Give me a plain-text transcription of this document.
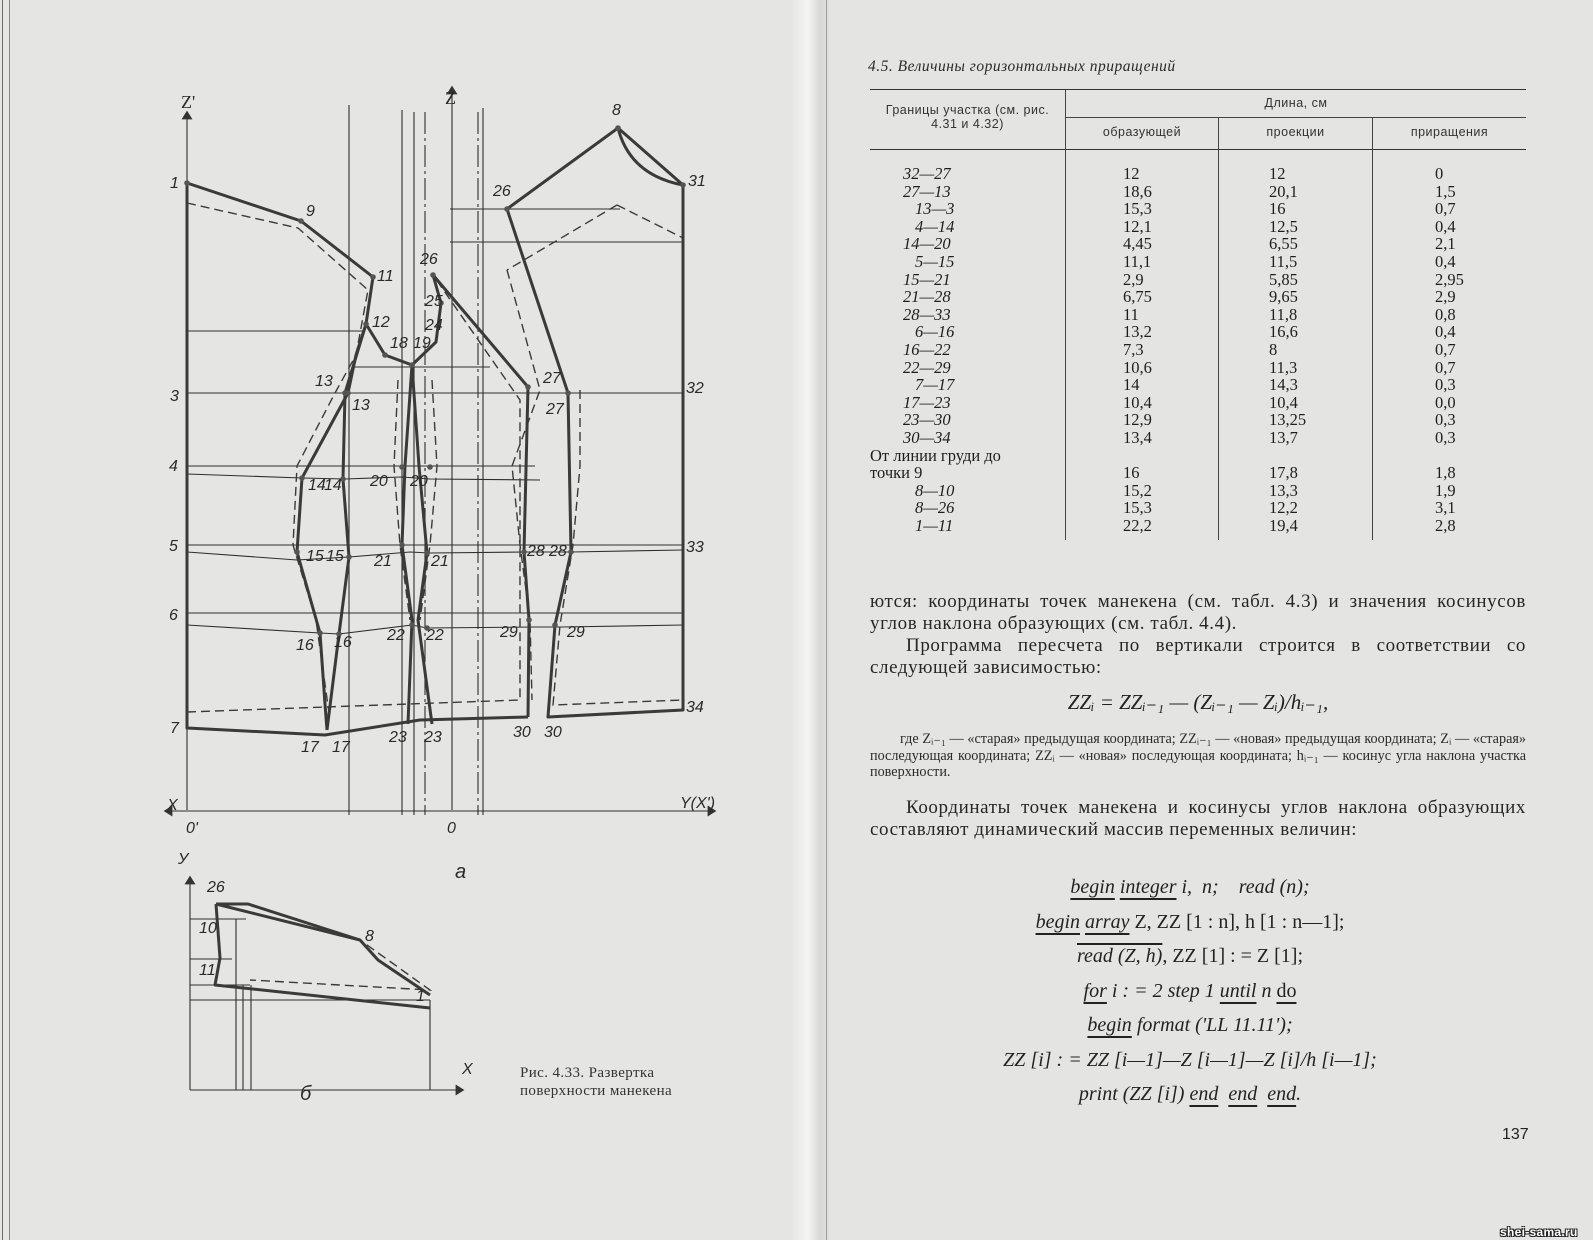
Z'	Z
X	Y(X')
0'	0
У
X
а
б
1
3
4
5
6
7
31
32
33
34
9
11
12
18 19
26
25
24
8
26
13
13
27
27
14
14 20 20
15 15 21 21
28 28
16 16 22 22	29	29
17 17
23 23	30 30
26
10
11
8
1
Рис. 4.33. Развертка поверхности манекена
4.5. Величины горизонтальных приращений
Границы участка (см. рис. 4.31 и 4.32)
Длина, см
образующей	проекции	приращения
32—27	12	12	0
27—13	18,6	20,1	1,5
13—3	15,3	16	0,7
4—14	12,1	12,5	0,4
14—20	4,45	6,55	2,1
5—15	11,1	11,5	0,4
15—21	2,9	5,85	2,95
21—28	6,75	9,65	2,9
28—33	11	11,8	0,8
6—16	13,2	16,6	0,4
16—22	7,3	8	0,7
22—29	10,6	11,3	0,7
7—17	14	14,3	0,3
17—23	10,4	10,4	0,0
23—30	12,9	13,25	0,3
30—34	13,4	13,7	0,3
От линии груди до
точки 9	16	17,8	1,8
8—10	15,2	13,3	1,9
8—26	15,3	12,2	3,1
1—11	22,2	19,4	2,8
ются: координаты точек манекена (см. табл. 4.3) и значения косинусов углов наклона образующих (см. табл. 4.4).
Программа пересчета по вертикали строится в соответствии со следующей зависимостью:
ZZᵢ = ZZᵢ₋₁ — (Zᵢ₋₁ — Zᵢ)/hᵢ₋₁,
где Zᵢ₋₁ — «старая» предыдущая координата; ZZᵢ₋₁ — «новая» предыдущая координата; Zᵢ — «старая» последующая координата; ZZᵢ — «новая» последующая координата; hᵢ₋₁ — косинус угла наклона участка поверхности.
Координаты точек манекена и косинусы углов наклона образующих составляют динамический массив переменных величин:
begin integer i,  n;    read (n);
begin array Z, ZZ [1 : n], h [1 : n—1];
read (Z, h), ZZ [1] : = Z [1];
for i : = 2 step 1 until n do
begin format ('LL 11.11');
ZZ [i] : = ZZ [i—1]—Z [i—1]—Z [i]/h [i—1];
print (ZZ [i]) end end end.
137
shei-sama.ru
